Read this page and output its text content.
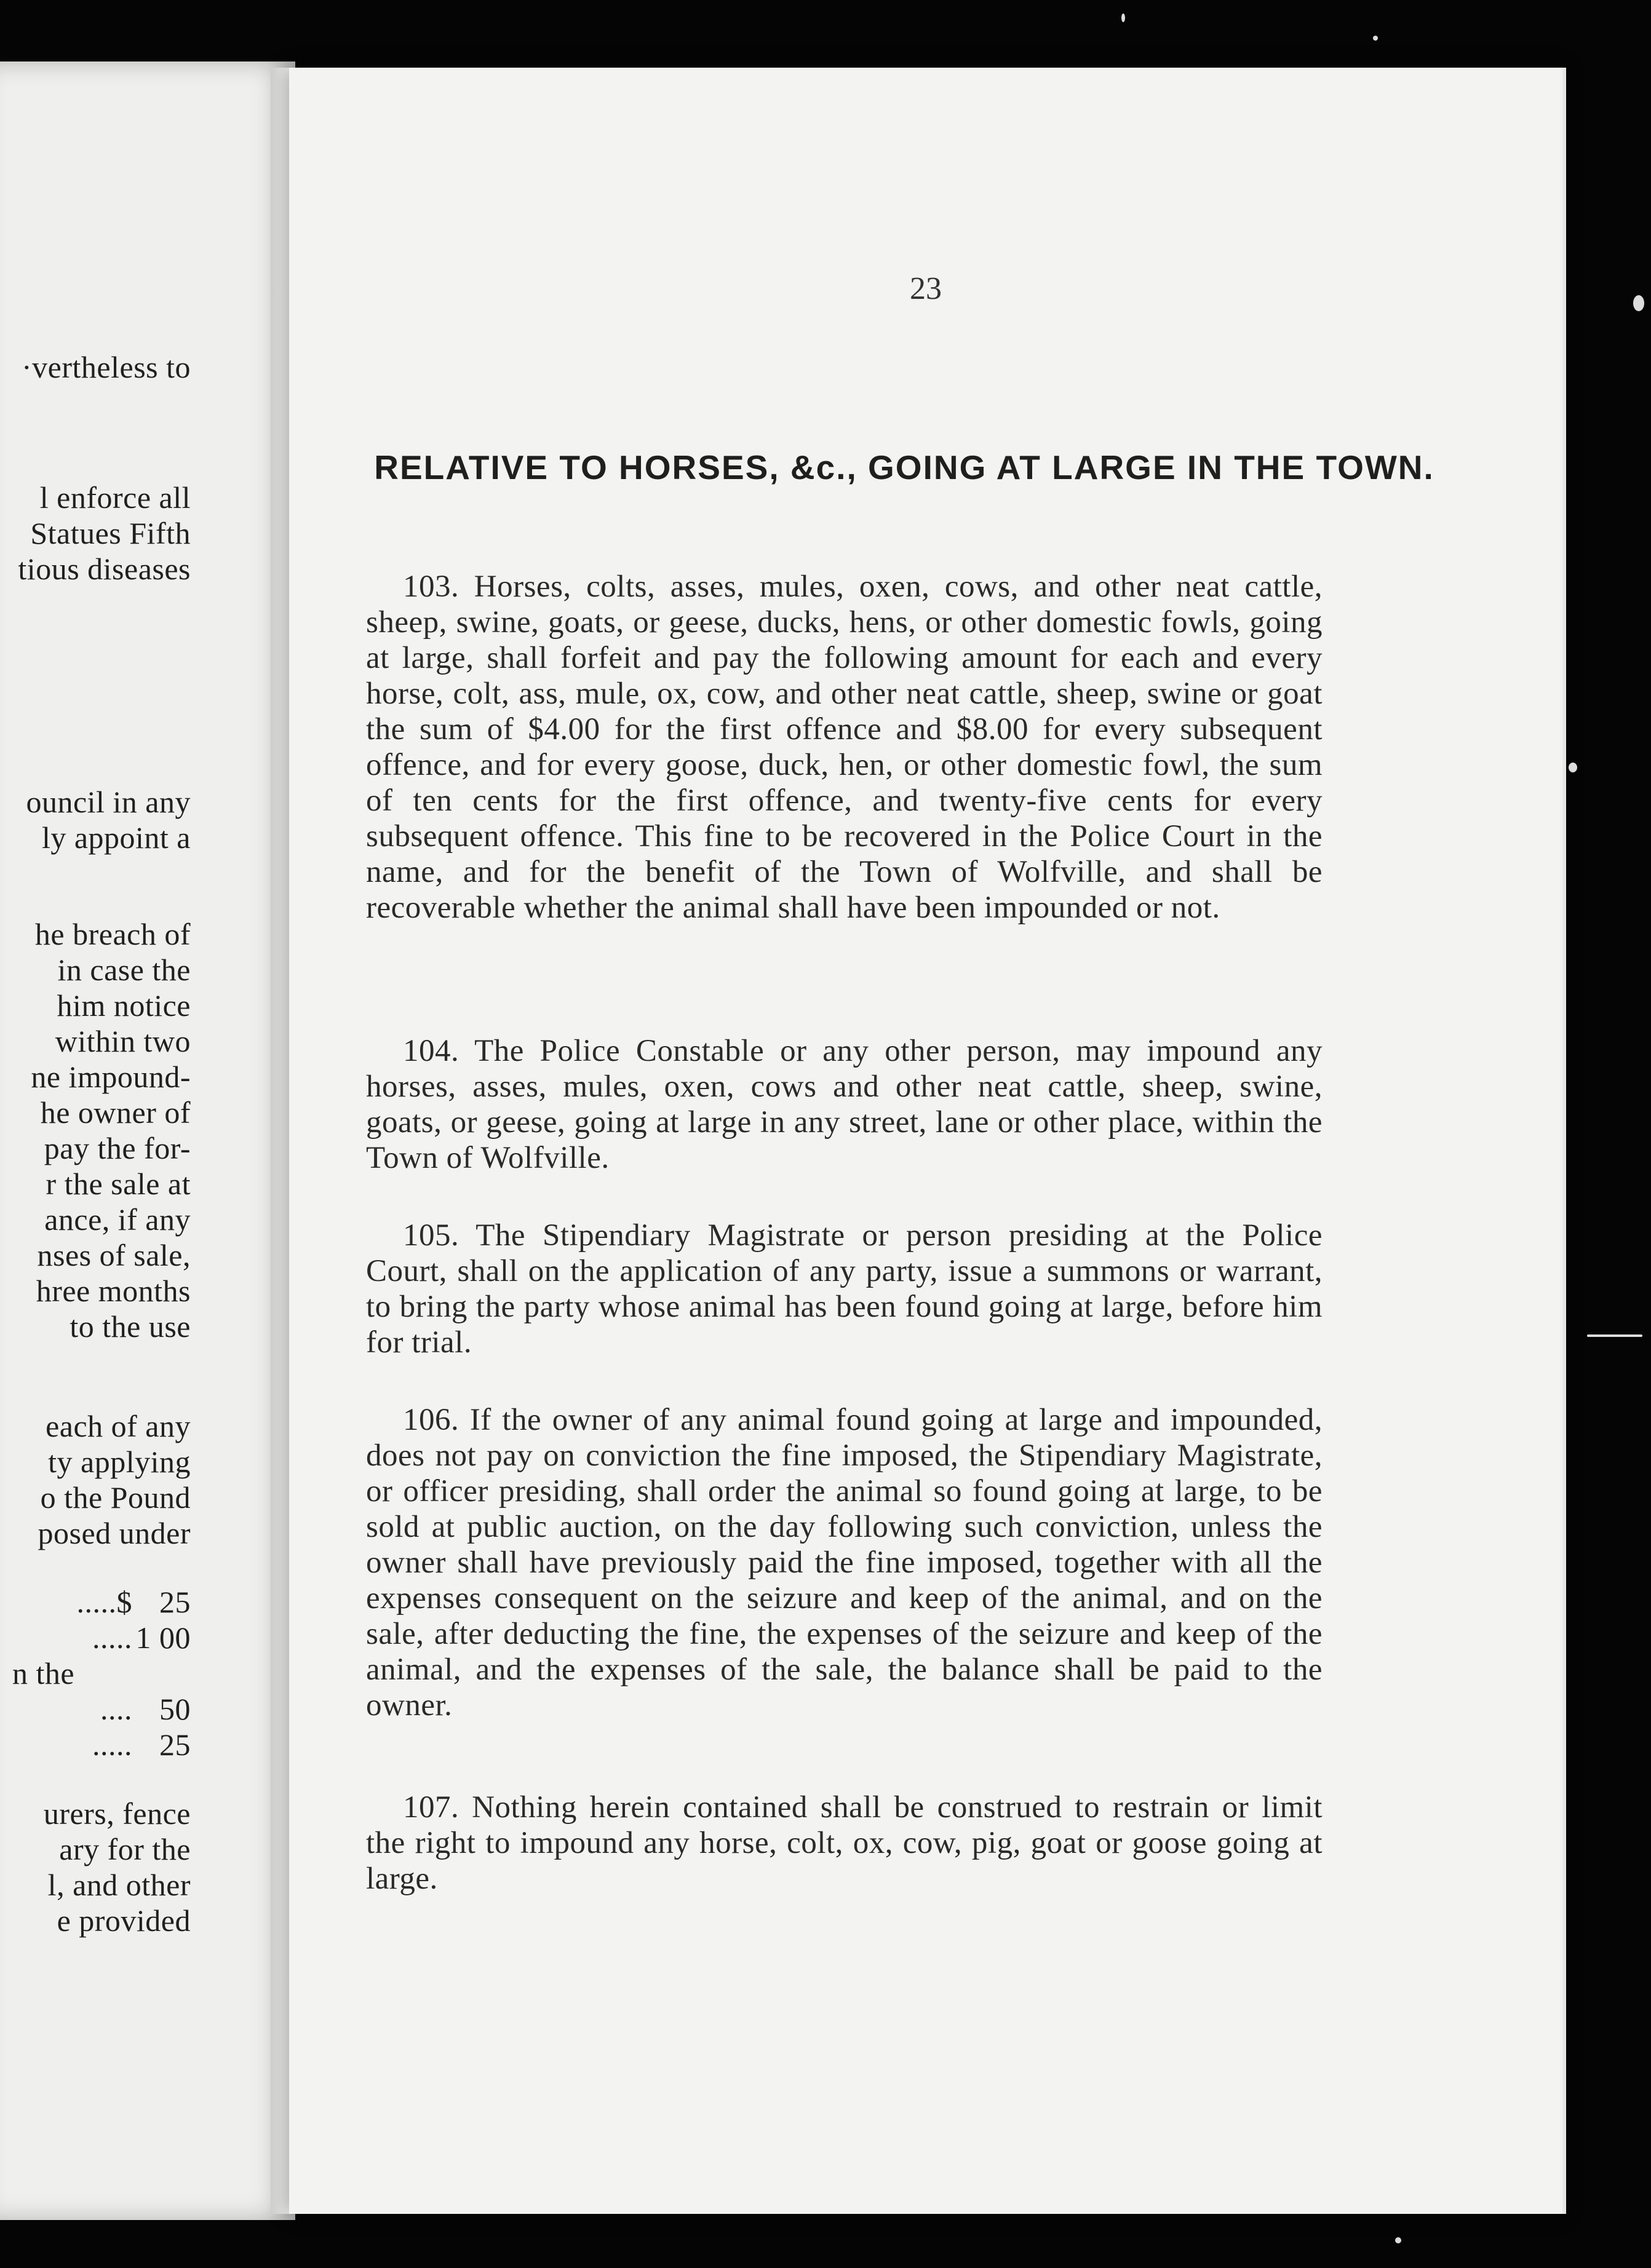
·vertheless to
l enforce all
Statues Fifth
tious diseases
ouncil in any
ly appoint a
he breach of
in case the
him notice
within two
ne impound-
he owner of
pay the for-
r the sale at
ance, if any
nses of sale,
hree months
to the use
each of any
ty applying
o the Pound
posed under
.....$ 25
..... 1 00
n the
.... 50
..... 25
urers, fence
ary for the
l, and other
e provided
23
RELATIVE TO HORSES, &c., GOING AT LARGE IN THE TOWN.

103. Horses, colts, asses, mules, oxen, cows, and other neat cattle, sheep, swine, goats, or geese, ducks, hens, or other domestic fowls, going at large, shall forfeit and pay the following amount for each and every horse, colt, ass, mule, ox, cow, and other neat cattle, sheep, swine or goat the sum of $4.00 for the first offence and $8.00 for every subsequent offence, and for every goose, duck, hen, or other domestic fowl, the sum of ten cents for the first offence, and twenty-five cents for every subsequent offence. This fine to be recovered in the Police Court in the name, and for the benefit of the Town of Wolfville, and shall be recoverable whether the animal shall have been impounded or not.

104. The Police Constable or any other person, may impound any horses, asses, mules, oxen, cows and other neat cattle, sheep, swine, goats, or geese, going at large in any street, lane or other place, within the Town of Wolfville.

105. The Stipendiary Magistrate or person presiding at the Police Court, shall on the application of any party, issue a summons or warrant, to bring the party whose animal has been found going at large, before him for trial.

106. If the owner of any animal found going at large and impounded, does not pay on conviction the fine imposed, the Stipendiary Magistrate, or officer presiding, shall order the animal so found going at large, to be sold at public auction, on the day following such conviction, unless the owner shall have previously paid the fine imposed, together with all the expenses consequent on the seizure and keep of the animal, and on the sale, after deducting the fine, the expenses of the seizure and keep of the animal, and the expenses of the sale, the balance shall be paid to the owner.

107. Nothing herein contained shall be construed to restrain or limit the right to impound any horse, colt, ox, cow, pig, goat or goose going at large.
